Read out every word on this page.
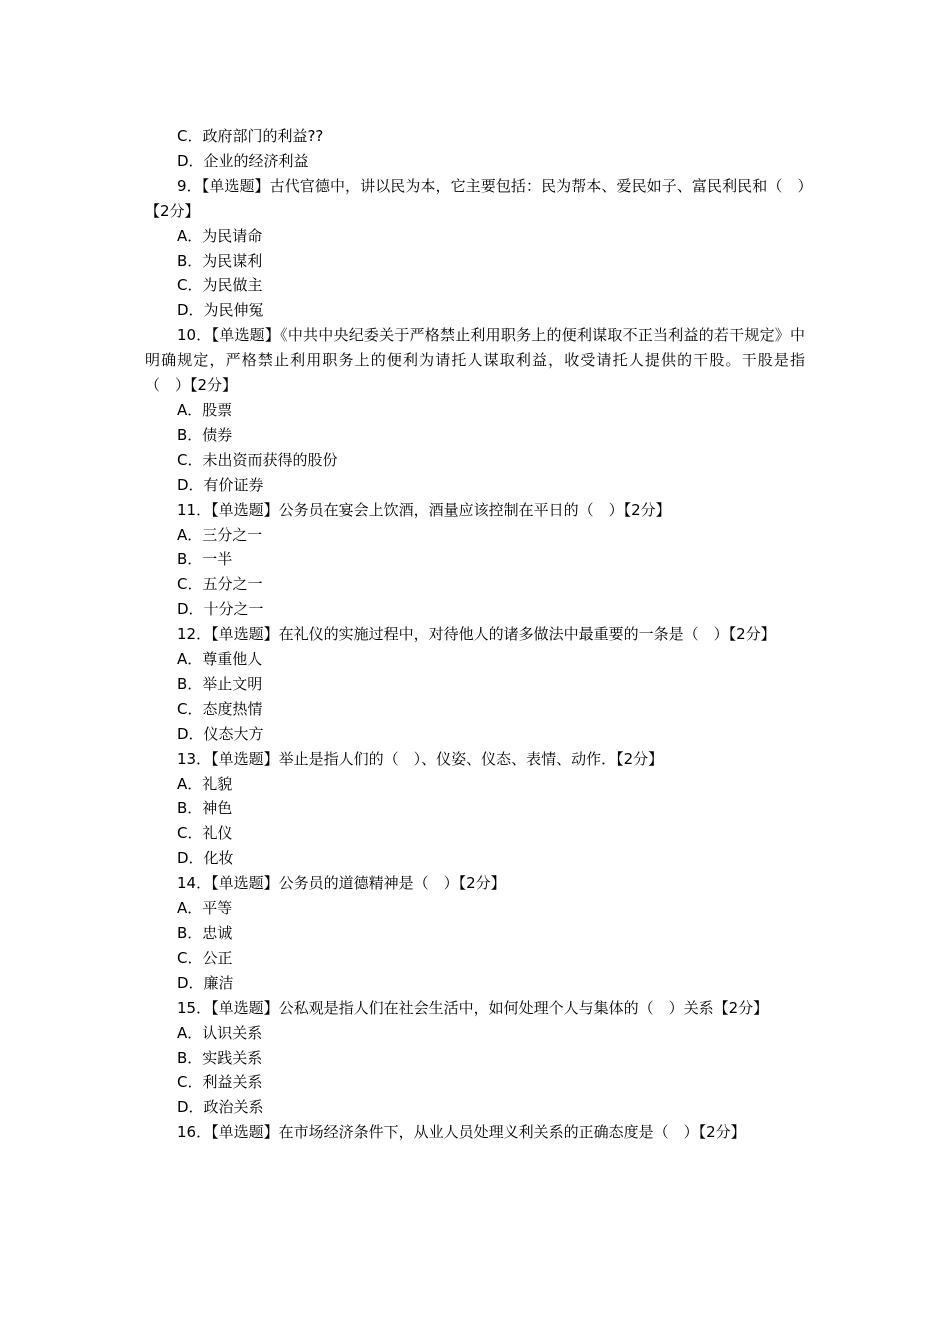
C．政府部门的利益??
D．企业的经济利益
9．【单选题】古代官德中，讲以民为本，它主要包括：民为帮本、爱民如子、富民利民和（　）【2分】
A．为民请命
B．为民谋利
C．为民做主
D．为民伸冤
10．【单选题】《中共中央纪委关于严格禁止利用职务上的便利谋取不正当利益的若干规定》中明确规定，严格禁止利用职务上的便利为请托人谋取利益，收受请托人提供的干股。干股是指（　）【2分】
A．股票
B．债券
C．未出资而获得的股份
D．有价证券
11．【单选题】公务员在宴会上饮酒，酒量应该控制在平日的（　）【2分】
A．三分之一
B．一半
C．五分之一
D．十分之一
12．【单选题】在礼仪的实施过程中，对待他人的诸多做法中最重要的一条是（　）【2分】
A．尊重他人
B．举止文明
C．态度热情
D．仪态大方
13．【单选题】举止是指人们的（　）、仪姿、仪态、表情、动作．【2分】
A．礼貌
B．神色
C．礼仪
D．化妆
14．【单选题】公务员的道德精神是（　）【2分】
A．平等
B．忠诚
C．公正
D．廉洁
15．【单选题】公私观是指人们在社会生活中，如何处理个人与集体的（　）关系【2分】
A．认识关系
B．实践关系
C．利益关系
D．政治关系
16．【单选题】在市场经济条件下，从业人员处理义利关系的正确态度是（　）【2分】
